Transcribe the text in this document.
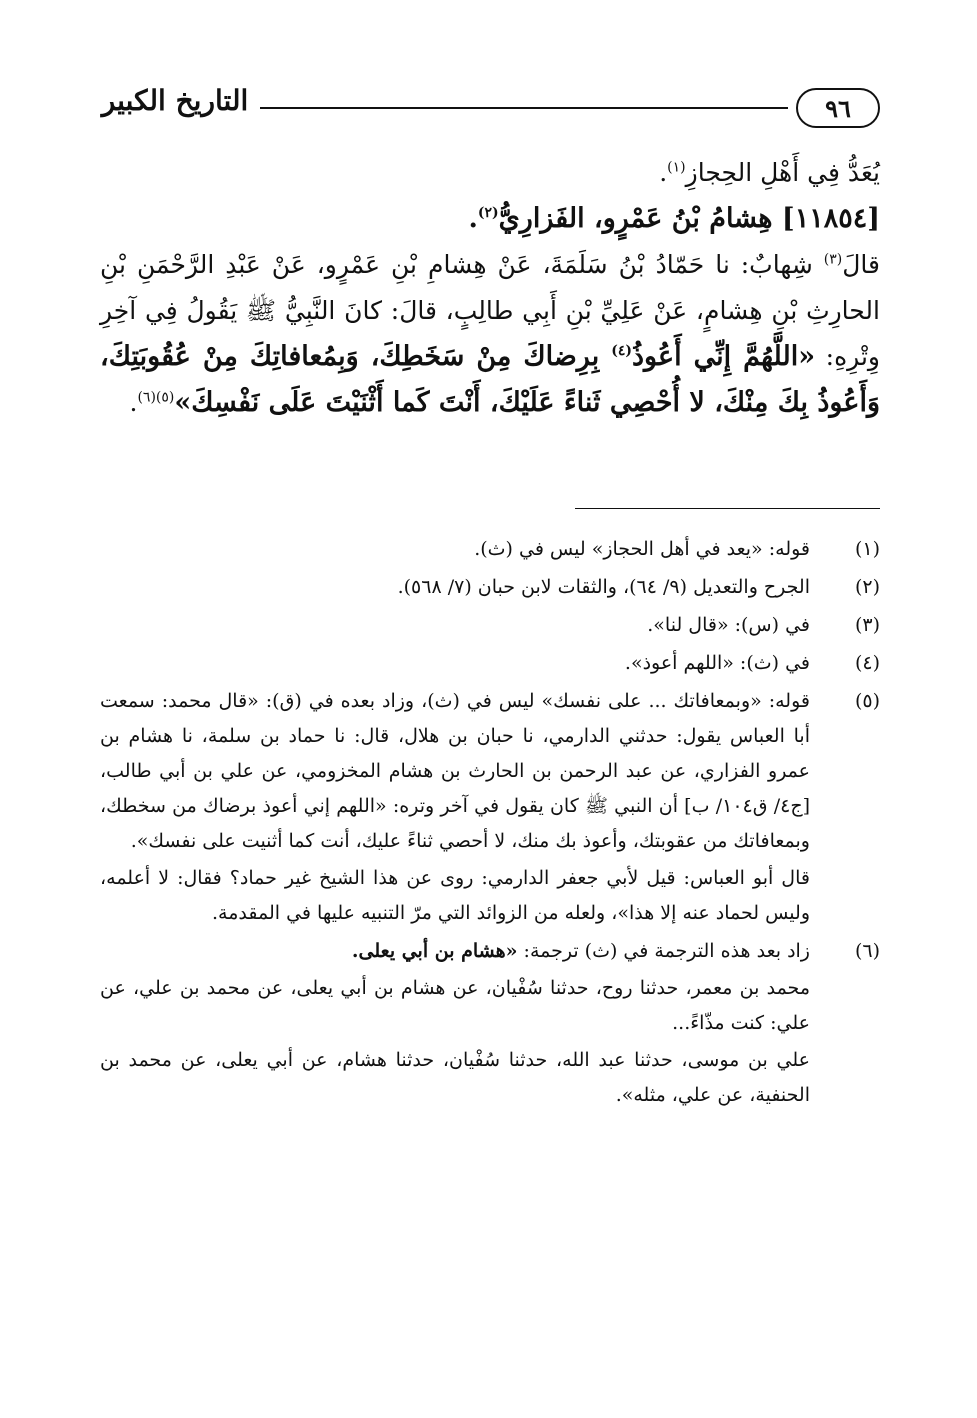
التاريخ الكبير	٩٦

يُعَدُّ فِي أَهْلِ الحِجازِ$^{(١)}$.

[١١٨٥٤] هِشامُ بْنُ عَمْرٍو، الفَزارِيُّ$^{(٢)}$.

قالَ$^{(٣)}$ شِهابٌ: نا حَمّادُ بْنُ سَلَمَةَ، عَنْ هِشامِ بْنِ عَمْرٍو، عَنْ عَبْدِ الرَّحْمَنِ بْنِ الحارِثِ بْنِ هِشامٍ، عَنْ عَلِيِّ بْنِ أَبِي طالِبٍ، قالَ: كانَ النَّبِيُّ ﷺ يَقُولُ فِي آخِرِ وِتْرِهِ: «اللَّهُمَّ إِنِّي أَعُوذُ$^{(٤)}$ بِرِضاكَ مِنْ سَخَطِكَ، وَبِمُعافاتِكَ مِنْ عُقُوبَتِكَ، وَأَعُوذُ بِكَ مِنْكَ، لا أُحْصِي ثَناءً عَلَيْكَ، أَنْتَ كَما أَثْنَيْتَ عَلَى نَفْسِكَ»$^{(٥)(٦)}$.

(١)

قوله: «يعد في أهل الحجاز» ليس في (ث).

(٢)

الجرح والتعديل (٩/ ٦٤)، والثقات لابن حبان (٧/ ٥٦٨).

(٣)

في (س): «قال لنا».

(٤)

في (ث): «اللهم أعوذ».

(٥)

قوله: «وبمعافاتك ... على نفسك» ليس في (ث)، وزاد بعده في (ق): «قال محمد: سمعت أبا العباس يقول: حدثني الدارمي، نا حبان بن هلال، قال: نا حماد بن سلمة، نا هشام بن عمرو الفزاري، عن عبد الرحمن بن الحارث بن هشام المخزومي، عن علي بن أبي طالب، [ج٤/ ق١٠٤/ ب] أن النبي ﷺ كان يقول في آخر وتره: «اللهم إني أعوذ برضاك من سخطك، وبمعافاتك من عقوبتك، وأعوذ بك منك، لا أحصي ثناءً عليك، أنت كما أثنيت على نفسك».

قال أبو العباس: قيل لأبي جعفر الدارمي: روى عن هذا الشيخ غير حماد؟ فقال: لا أعلمه، وليس لحماد عنه إلا هذا»، ولعله من الزوائد التي مرّ التنبيه عليها في المقدمة.

(٦)

زاد بعد هذه الترجمة في (ث) ترجمة: «هشام بن أبي يعلى.

محمد بن معمر، حدثنا روح، حدثنا سُفْيان، عن هشام بن أبي يعلى، عن محمد بن علي، عن علي: كنت مذّاءً...

علي بن موسى، حدثنا عبد الله، حدثنا سُفْيان، حدثنا هشام، عن أبي يعلى، عن محمد بن الحنفية، عن علي، مثله».
